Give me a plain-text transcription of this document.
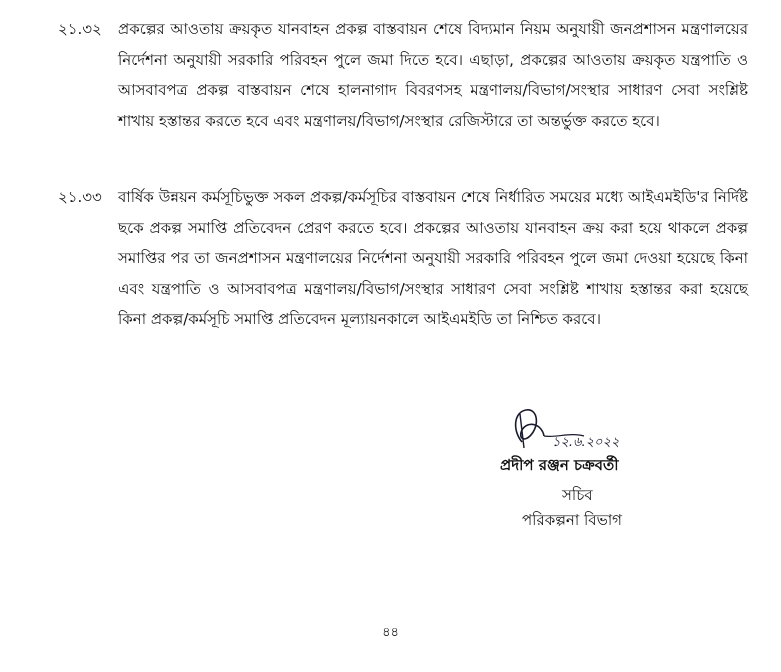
২১.৩২ প্রকল্পের আওতায় ক্রয়কৃত যানবাহন প্রকল্প বাস্তবায়ন শেষে বিদ্যমান নিয়ম অনুযায়ী জনপ্রশাসন মন্ত্রণালয়ের নির্দেশনা অনুযায়ী সরকারি পরিবহন পুলে জমা দিতে হবে। এছাড়া, প্রকল্পের আওতায় ক্রয়কৃত যন্ত্রপাতি ও আসবাবপত্র প্রকল্প বাস্তবায়ন শেষে হালনাগাদ বিবরণসহ মন্ত্রণালয়/বিভাগ/সংস্থার সাধারণ সেবা সংশ্লিষ্ট শাখায় হস্তান্তর করতে হবে এবং মন্ত্রণালয়/বিভাগ/সংস্থার রেজিস্টারে তা অন্তর্ভুক্ত করতে হবে।
২১.৩৩ বার্ষিক উন্নয়ন কর্মসূচিভুক্ত সকল প্রকল্প/কর্মসূচির বাস্তবায়ন শেষে নির্ধারিত সময়ের মধ্যে আইএমইডি'র নির্দিষ্ট ছকে প্রকল্প সমাপ্তি প্রতিবেদন প্রেরণ করতে হবে। প্রকল্পের আওতায় যানবাহন ক্রয় করা হয়ে থাকলে প্রকল্প সমাপ্তির পর তা জনপ্রশাসন মন্ত্রণালয়ের নির্দেশনা অনুযায়ী সরকারি পরিবহন পুলে জমা দেওয়া হয়েছে কিনা এবং যন্ত্রপাতি ও আসবাবপত্র মন্ত্রণালয়/বিভাগ/সংস্থার সাধারণ সেবা সংশ্লিষ্ট শাখায় হস্তান্তর করা হয়েছে কিনা প্রকল্প/কর্মসূচি সমাপ্তি প্রতিবেদন মূল্যায়নকালে আইএমইডি তা নিশ্চিত করবে।
১২.৬.২০২২
প্রদীপ রঞ্জন চক্রবর্তী
সচিব
পরিকল্পনা বিভাগ
৪৪
